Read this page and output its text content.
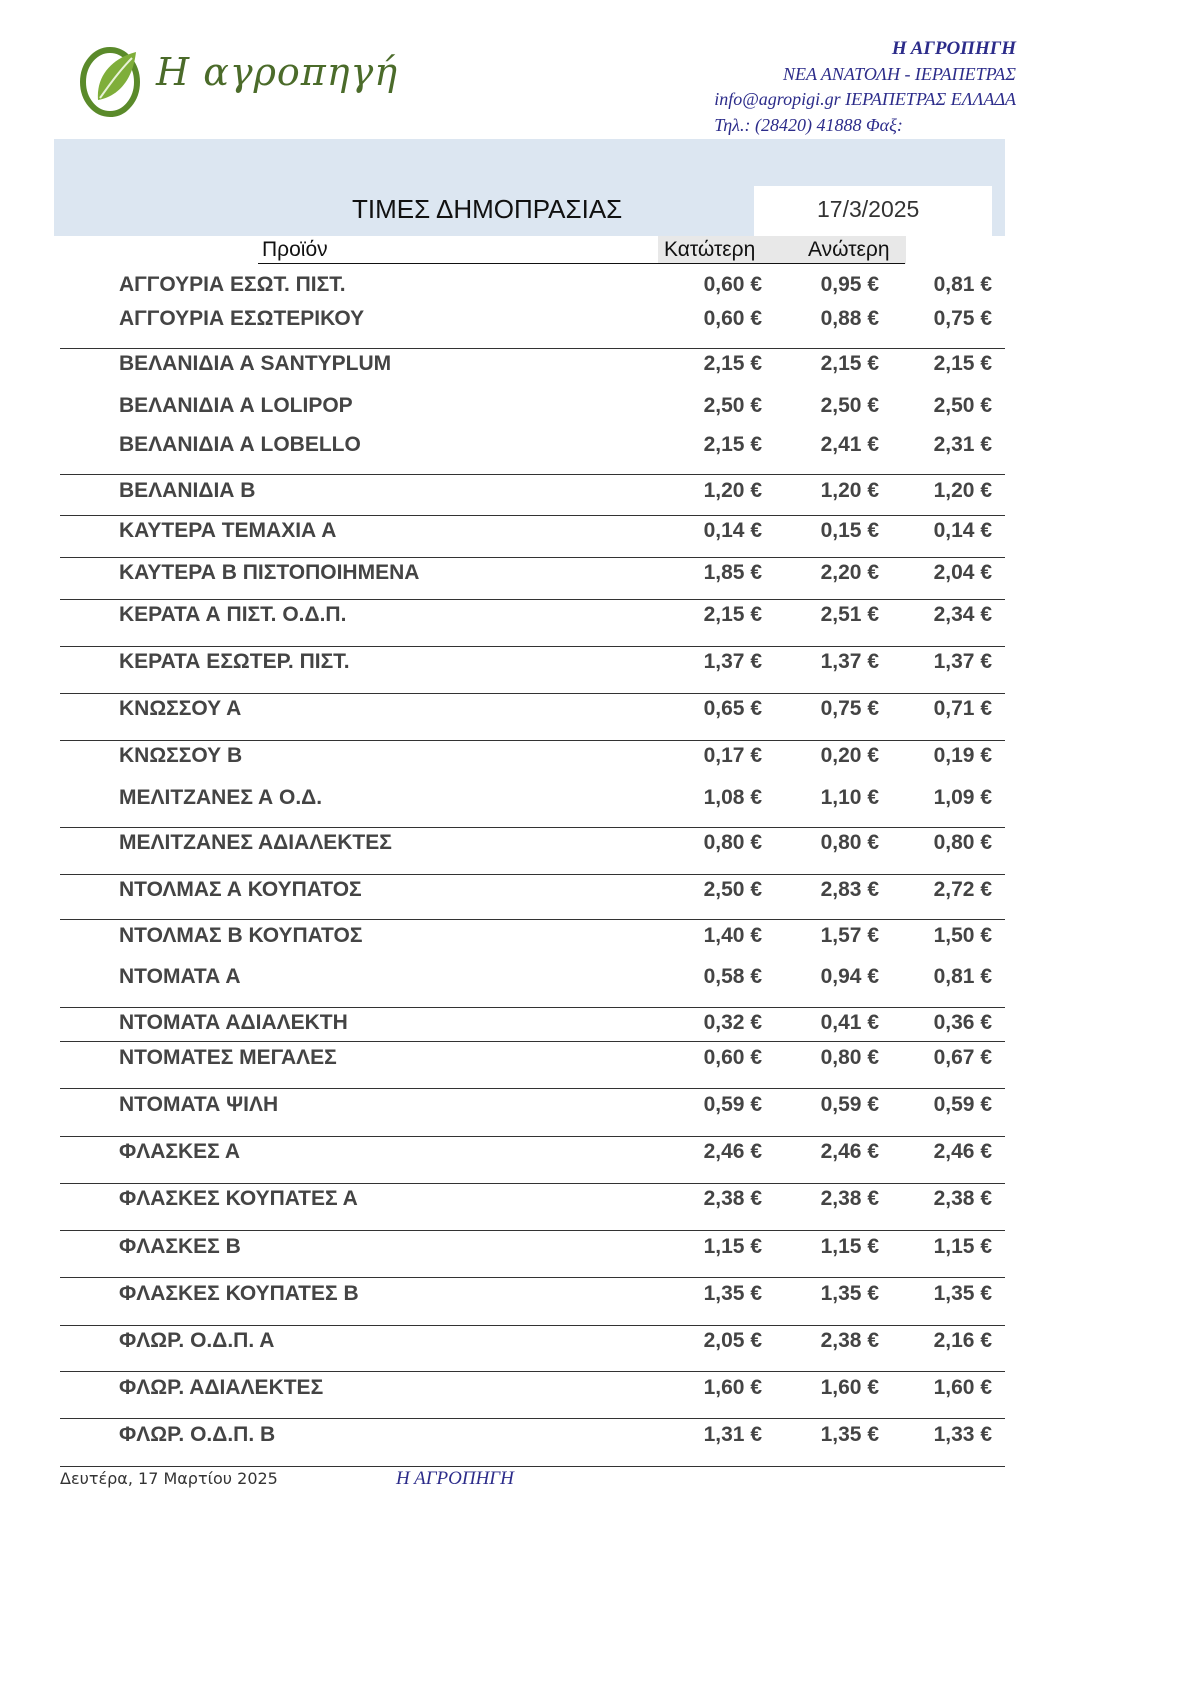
Η αγροπηγή
Η ΑΓΡΟΠΗΓΗ
ΝΕΑ ΑΝΑΤΟΛΗ - ΙΕΡΑΠΕΤΡΑΣ
info@agropigi.gr ΙΕΡΑΠΕΤΡΑΣ ΕΛΛΑΔΑ
Τηλ.: (28420) 41888 Φαξ:
ΤΙΜΕΣ ΔΗΜΟΠΡΑΣΙΑΣ	17/3/2025
Προϊόν	Κατώτερη	Ανώτερη
ΑΓΓΟΥΡΙΑ ΕΣΩΤ. ΠΙΣΤ.	0,60 €	0,95 €	0,81 €
ΑΓΓΟΥΡΙΑ ΕΣΩΤΕΡΙΚΟΥ	0,60 €	0,88 €	0,75 €
ΒΕΛΑΝΙΔΙΑ Α SANTYPLUM	2,15 €	2,15 €	2,15 €
ΒΕΛΑΝΙΔΙΑ Α LOLIPOP	2,50 €	2,50 €	2,50 €
ΒΕΛΑΝΙΔΙΑ Α LOBELLO	2,15 €	2,41 €	2,31 €
ΒΕΛΑΝΙΔΙΑ Β	1,20 €	1,20 €	1,20 €
ΚΑΥΤΕΡΑ ΤΕΜΑΧΙΑ Α	0,14 €	0,15 €	0,14 €
ΚΑΥΤΕΡΑ Β ΠΙΣΤΟΠΟΙΗΜΕΝΑ	1,85 €	2,20 €	2,04 €
ΚΕΡΑΤΑ Α ΠΙΣΤ. Ο.Δ.Π.	2,15 €	2,51 €	2,34 €
ΚΕΡΑΤΑ ΕΣΩΤΕΡ. ΠΙΣΤ.	1,37 €	1,37 €	1,37 €
ΚΝΩΣΣΟΥ Α	0,65 €	0,75 €	0,71 €
ΚΝΩΣΣΟΥ Β	0,17 €	0,20 €	0,19 €
ΜΕΛΙΤΖΑΝΕΣ Α Ο.Δ.	1,08 €	1,10 €	1,09 €
ΜΕΛΙΤΖΑΝΕΣ ΑΔΙΑΛΕΚΤΕΣ	0,80 €	0,80 €	0,80 €
ΝΤΟΛΜΑΣ Α ΚΟΥΠΑΤΟΣ	2,50 €	2,83 €	2,72 €
ΝΤΟΛΜΑΣ Β ΚΟΥΠΑΤΟΣ	1,40 €	1,57 €	1,50 €
ΝΤΟΜΑΤΑ Α	0,58 €	0,94 €	0,81 €
ΝΤΟΜΑΤΑ ΑΔΙΑΛΕΚΤΗ	0,32 €	0,41 €	0,36 €
ΝΤΟΜΑΤΕΣ ΜΕΓΑΛΕΣ	0,60 €	0,80 €	0,67 €
ΝΤΟΜΑΤΑ ΨΙΛΗ	0,59 €	0,59 €	0,59 €
ΦΛΑΣΚΕΣ Α	2,46 €	2,46 €	2,46 €
ΦΛΑΣΚΕΣ ΚΟΥΠΑΤΕΣ Α	2,38 €	2,38 €	2,38 €
ΦΛΑΣΚΕΣ Β	1,15 €	1,15 €	1,15 €
ΦΛΑΣΚΕΣ ΚΟΥΠΑΤΕΣ Β	1,35 €	1,35 €	1,35 €
ΦΛΩΡ. Ο.Δ.Π. Α	2,05 €	2,38 €	2,16 €
ΦΛΩΡ. ΑΔΙΑΛΕΚΤΕΣ	1,60 €	1,60 €	1,60 €
ΦΛΩΡ. Ο.Δ.Π. Β	1,31 €	1,35 €	1,33 €
Δευτέρα, 17 Μαρτίου 2025	Η ΑΓΡΟΠΗΓΗ
